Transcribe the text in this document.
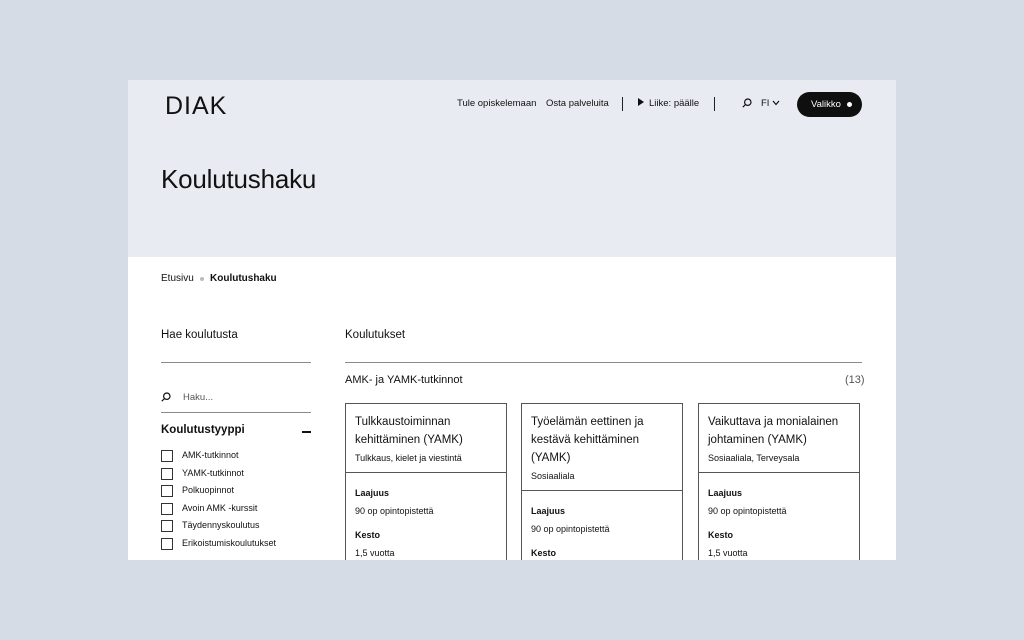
DIAK	Tule opiskelemaan Osta palveluita	Liike: päälle	FI	Valikko
Koulutushaku
Etusivu Koulutushaku
Hae koulutusta
Haku...
Koulutustyyppi
AMK-tutkinnot
YAMK-tutkinnot
Polkuopinnot
Avoin AMK -kurssit
Täydennyskoulutus
Erikoistumiskoulutukset
Koulutukset
AMK- ja YAMK-tutkinnot	(13)
Tulkkaustoiminnan
kehittäminen (YAMK)
Tulkkaus, kielet ja viestintä
Laajuus
90 op opintopistettä
Kesto
1,5 vuotta
Työelämän eettinen ja
kestävä kehittäminen
(YAMK)
Sosiaaliala
Laajuus
90 op opintopistettä
Kesto
Vaikuttava ja monialainen
johtaminen (YAMK)
Sosiaaliala, Terveysala
Laajuus
90 op opintopistettä
Kesto
1,5 vuotta
